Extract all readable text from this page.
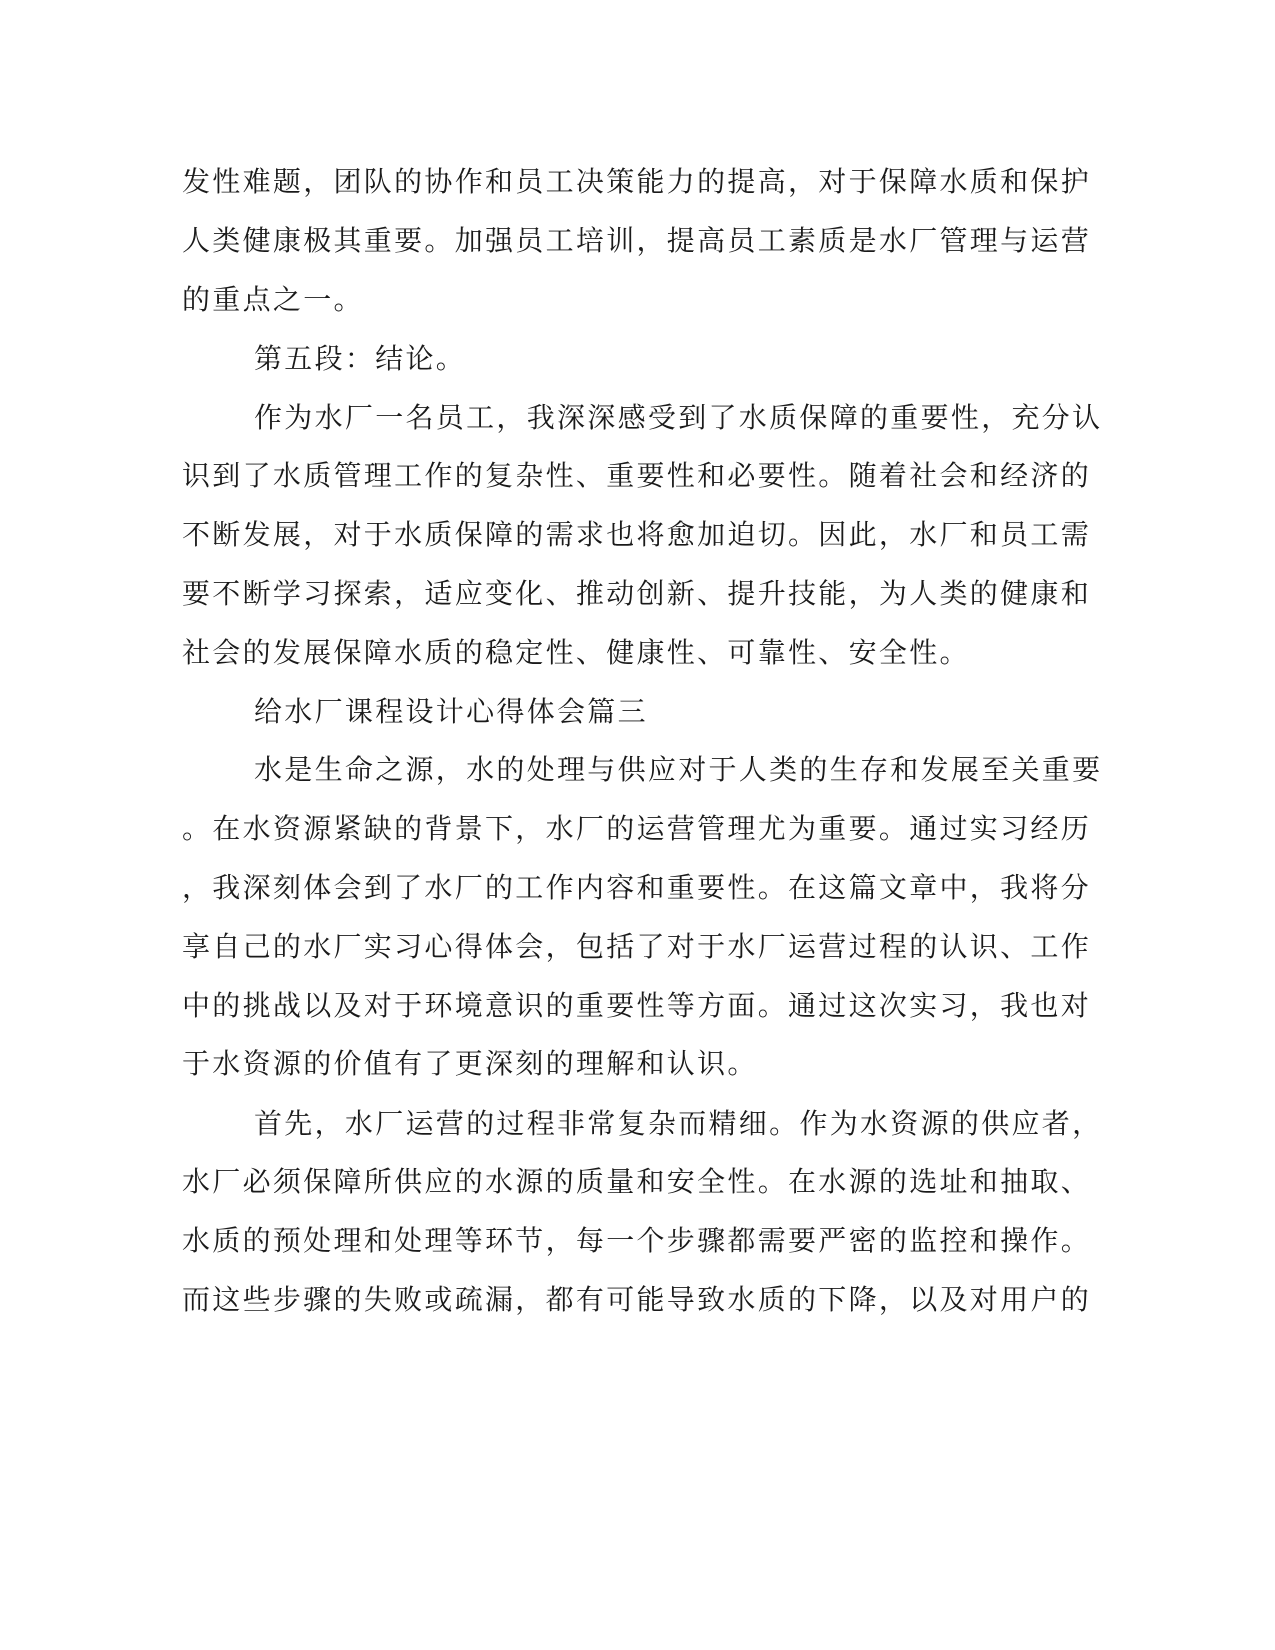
发性难题，团队的协作和员工决策能力的提高，对于保障水质和保护
人类健康极其重要。加强员工培训，提高员工素质是水厂管理与运营
的重点之一。
第五段：结论。
作为水厂一名员工，我深深感受到了水质保障的重要性，充分认
识到了水质管理工作的复杂性、重要性和必要性。随着社会和经济的
不断发展，对于水质保障的需求也将愈加迫切。因此，水厂和员工需
要不断学习探索，适应变化、推动创新、提升技能，为人类的健康和
社会的发展保障水质的稳定性、健康性、可靠性、安全性。
给水厂课程设计心得体会篇三
水是生命之源，水的处理与供应对于人类的生存和发展至关重要
。在水资源紧缺的背景下，水厂的运营管理尤为重要。通过实习经历
，我深刻体会到了水厂的工作内容和重要性。在这篇文章中，我将分
享自己的水厂实习心得体会，包括了对于水厂运营过程的认识、工作
中的挑战以及对于环境意识的重要性等方面。通过这次实习，我也对
于水资源的价值有了更深刻的理解和认识。
首先，水厂运营的过程非常复杂而精细。作为水资源的供应者，
水厂必须保障所供应的水源的质量和安全性。在水源的选址和抽取、
水质的预处理和处理等环节，每一个步骤都需要严密的监控和操作。
而这些步骤的失败或疏漏，都有可能导致水质的下降，以及对用户的
